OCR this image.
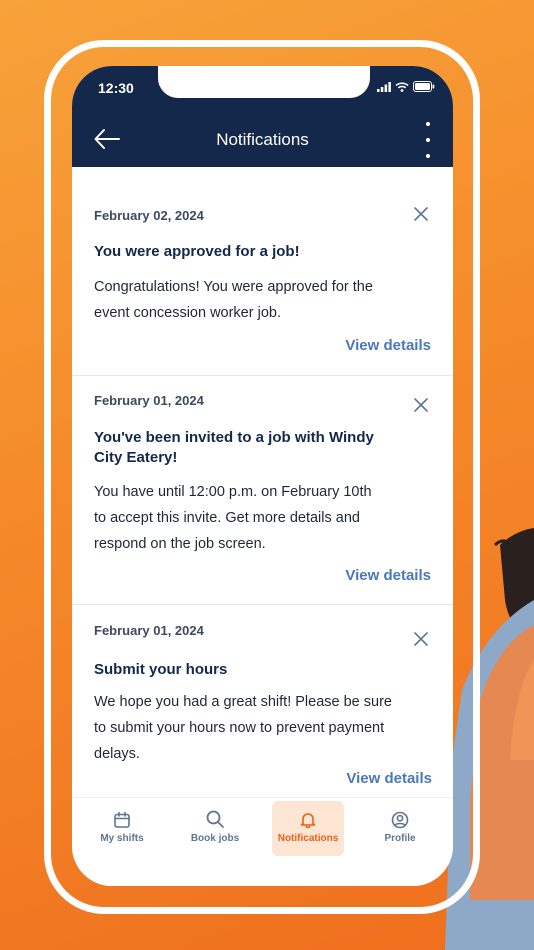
12:30
Notifications
February 02, 2024
You were approved for a job!
Congratulations! You were approved for the event concession worker job.
View details
February 01, 2024
You've been invited to a job with Windy City Eatery!
You have until 12:00 p.m. on February 10th to accept this invite. Get more details and respond on the job screen.
View details
February 01, 2024
Submit your hours
We hope you had a great shift! Please be sure to submit your hours now to prevent payment delays.
View details
My shifts	Book jobs	Notifications	Profile
